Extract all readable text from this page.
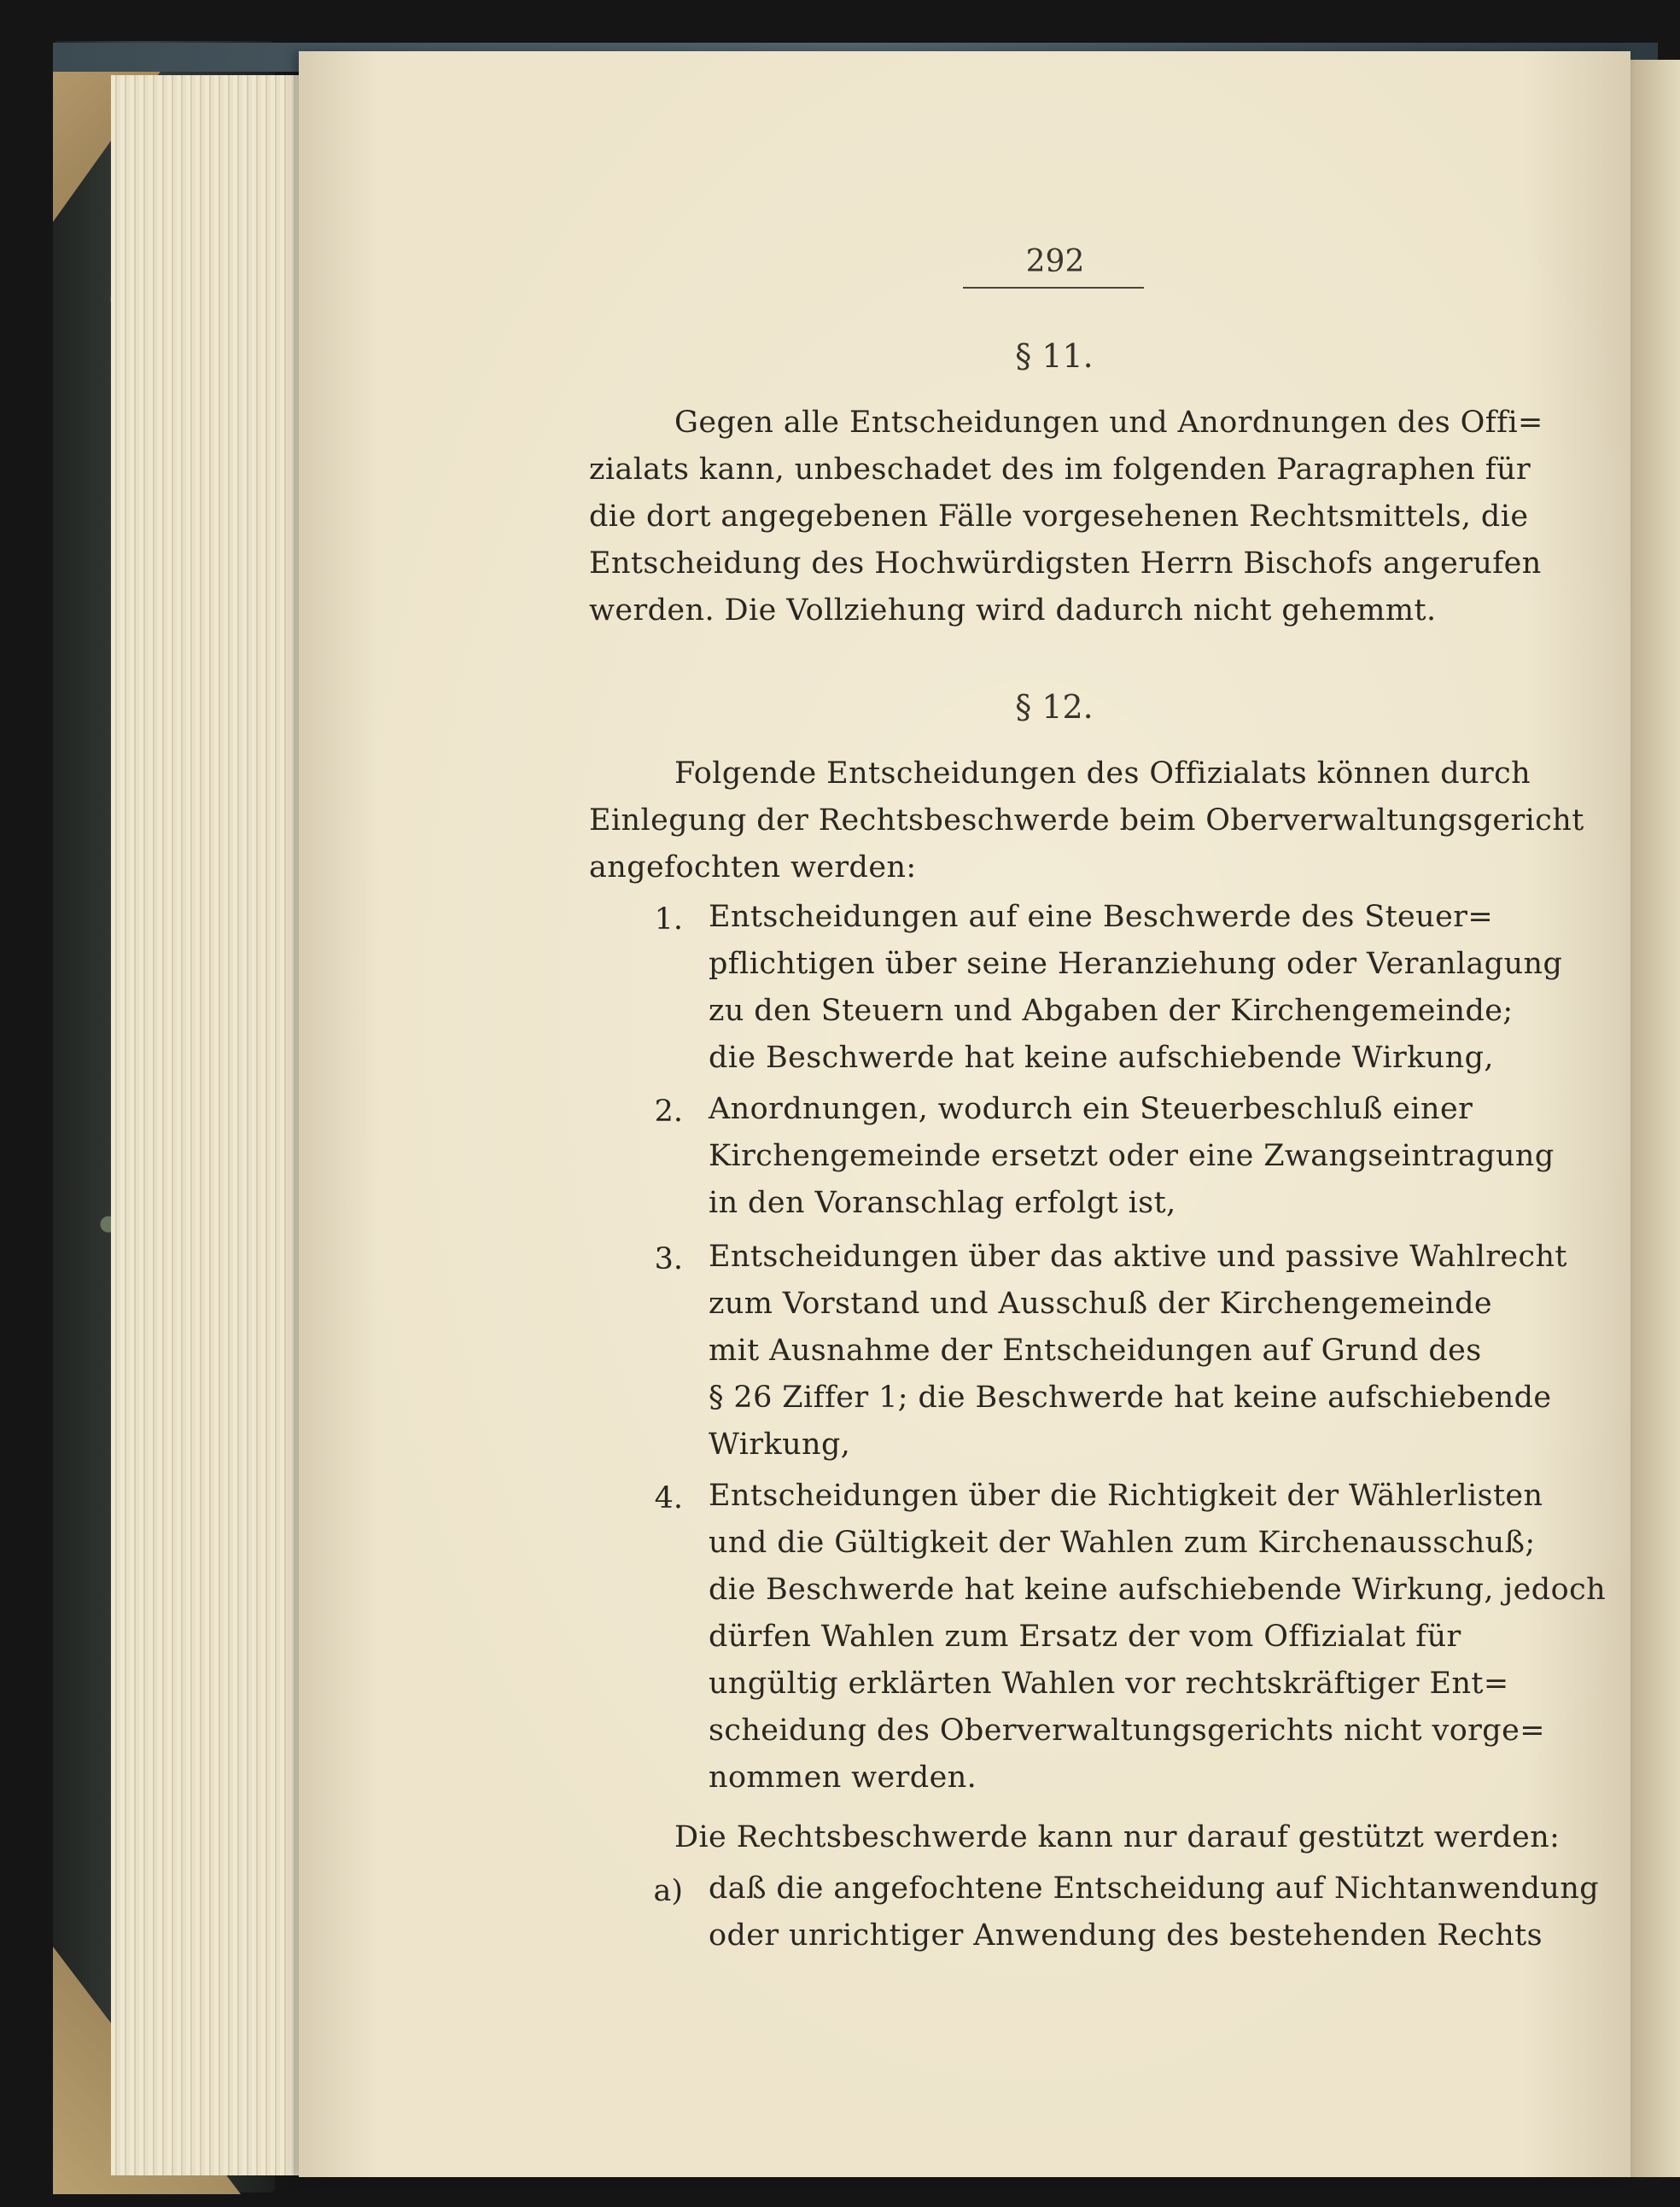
292
§ 11.
Gegen alle Entscheidungen und Anordnungen des Offi=
zialats kann, unbeschadet des im folgenden Paragraphen für
die dort angegebenen Fälle vorgesehenen Rechtsmittels, die
Entscheidung des Hochwürdigsten Herrn Bischofs angerufen
werden. Die Vollziehung wird dadurch nicht gehemmt.
§ 12.
Folgende Entscheidungen des Offizialats können durch
Einlegung der Rechtsbeschwerde beim Oberverwaltungsgericht
angefochten werden:
1. Entscheidungen auf eine Beschwerde des Steuer=
pflichtigen über seine Heranziehung oder Veranlagung
zu den Steuern und Abgaben der Kirchengemeinde;
die Beschwerde hat keine aufschiebende Wirkung,
2. Anordnungen, wodurch ein Steuerbeschluß einer
Kirchengemeinde ersetzt oder eine Zwangseintragung
in den Voranschlag erfolgt ist,
3. Entscheidungen über das aktive und passive Wahlrecht
zum Vorstand und Ausschuß der Kirchengemeinde
mit Ausnahme der Entscheidungen auf Grund des
§ 26 Ziffer 1; die Beschwerde hat keine aufschiebende
Wirkung,
4. Entscheidungen über die Richtigkeit der Wählerlisten
und die Gültigkeit der Wahlen zum Kirchenausschuß;
die Beschwerde hat keine aufschiebende Wirkung, jedoch
dürfen Wahlen zum Ersatz der vom Offizialat für
ungültig erklärten Wahlen vor rechtskräftiger Ent=
scheidung des Oberverwaltungsgerichts nicht vorge=
nommen werden.
Die Rechtsbeschwerde kann nur darauf gestützt werden:
a) daß die angefochtene Entscheidung auf Nichtanwendung
oder unrichtiger Anwendung des bestehenden Rechts
